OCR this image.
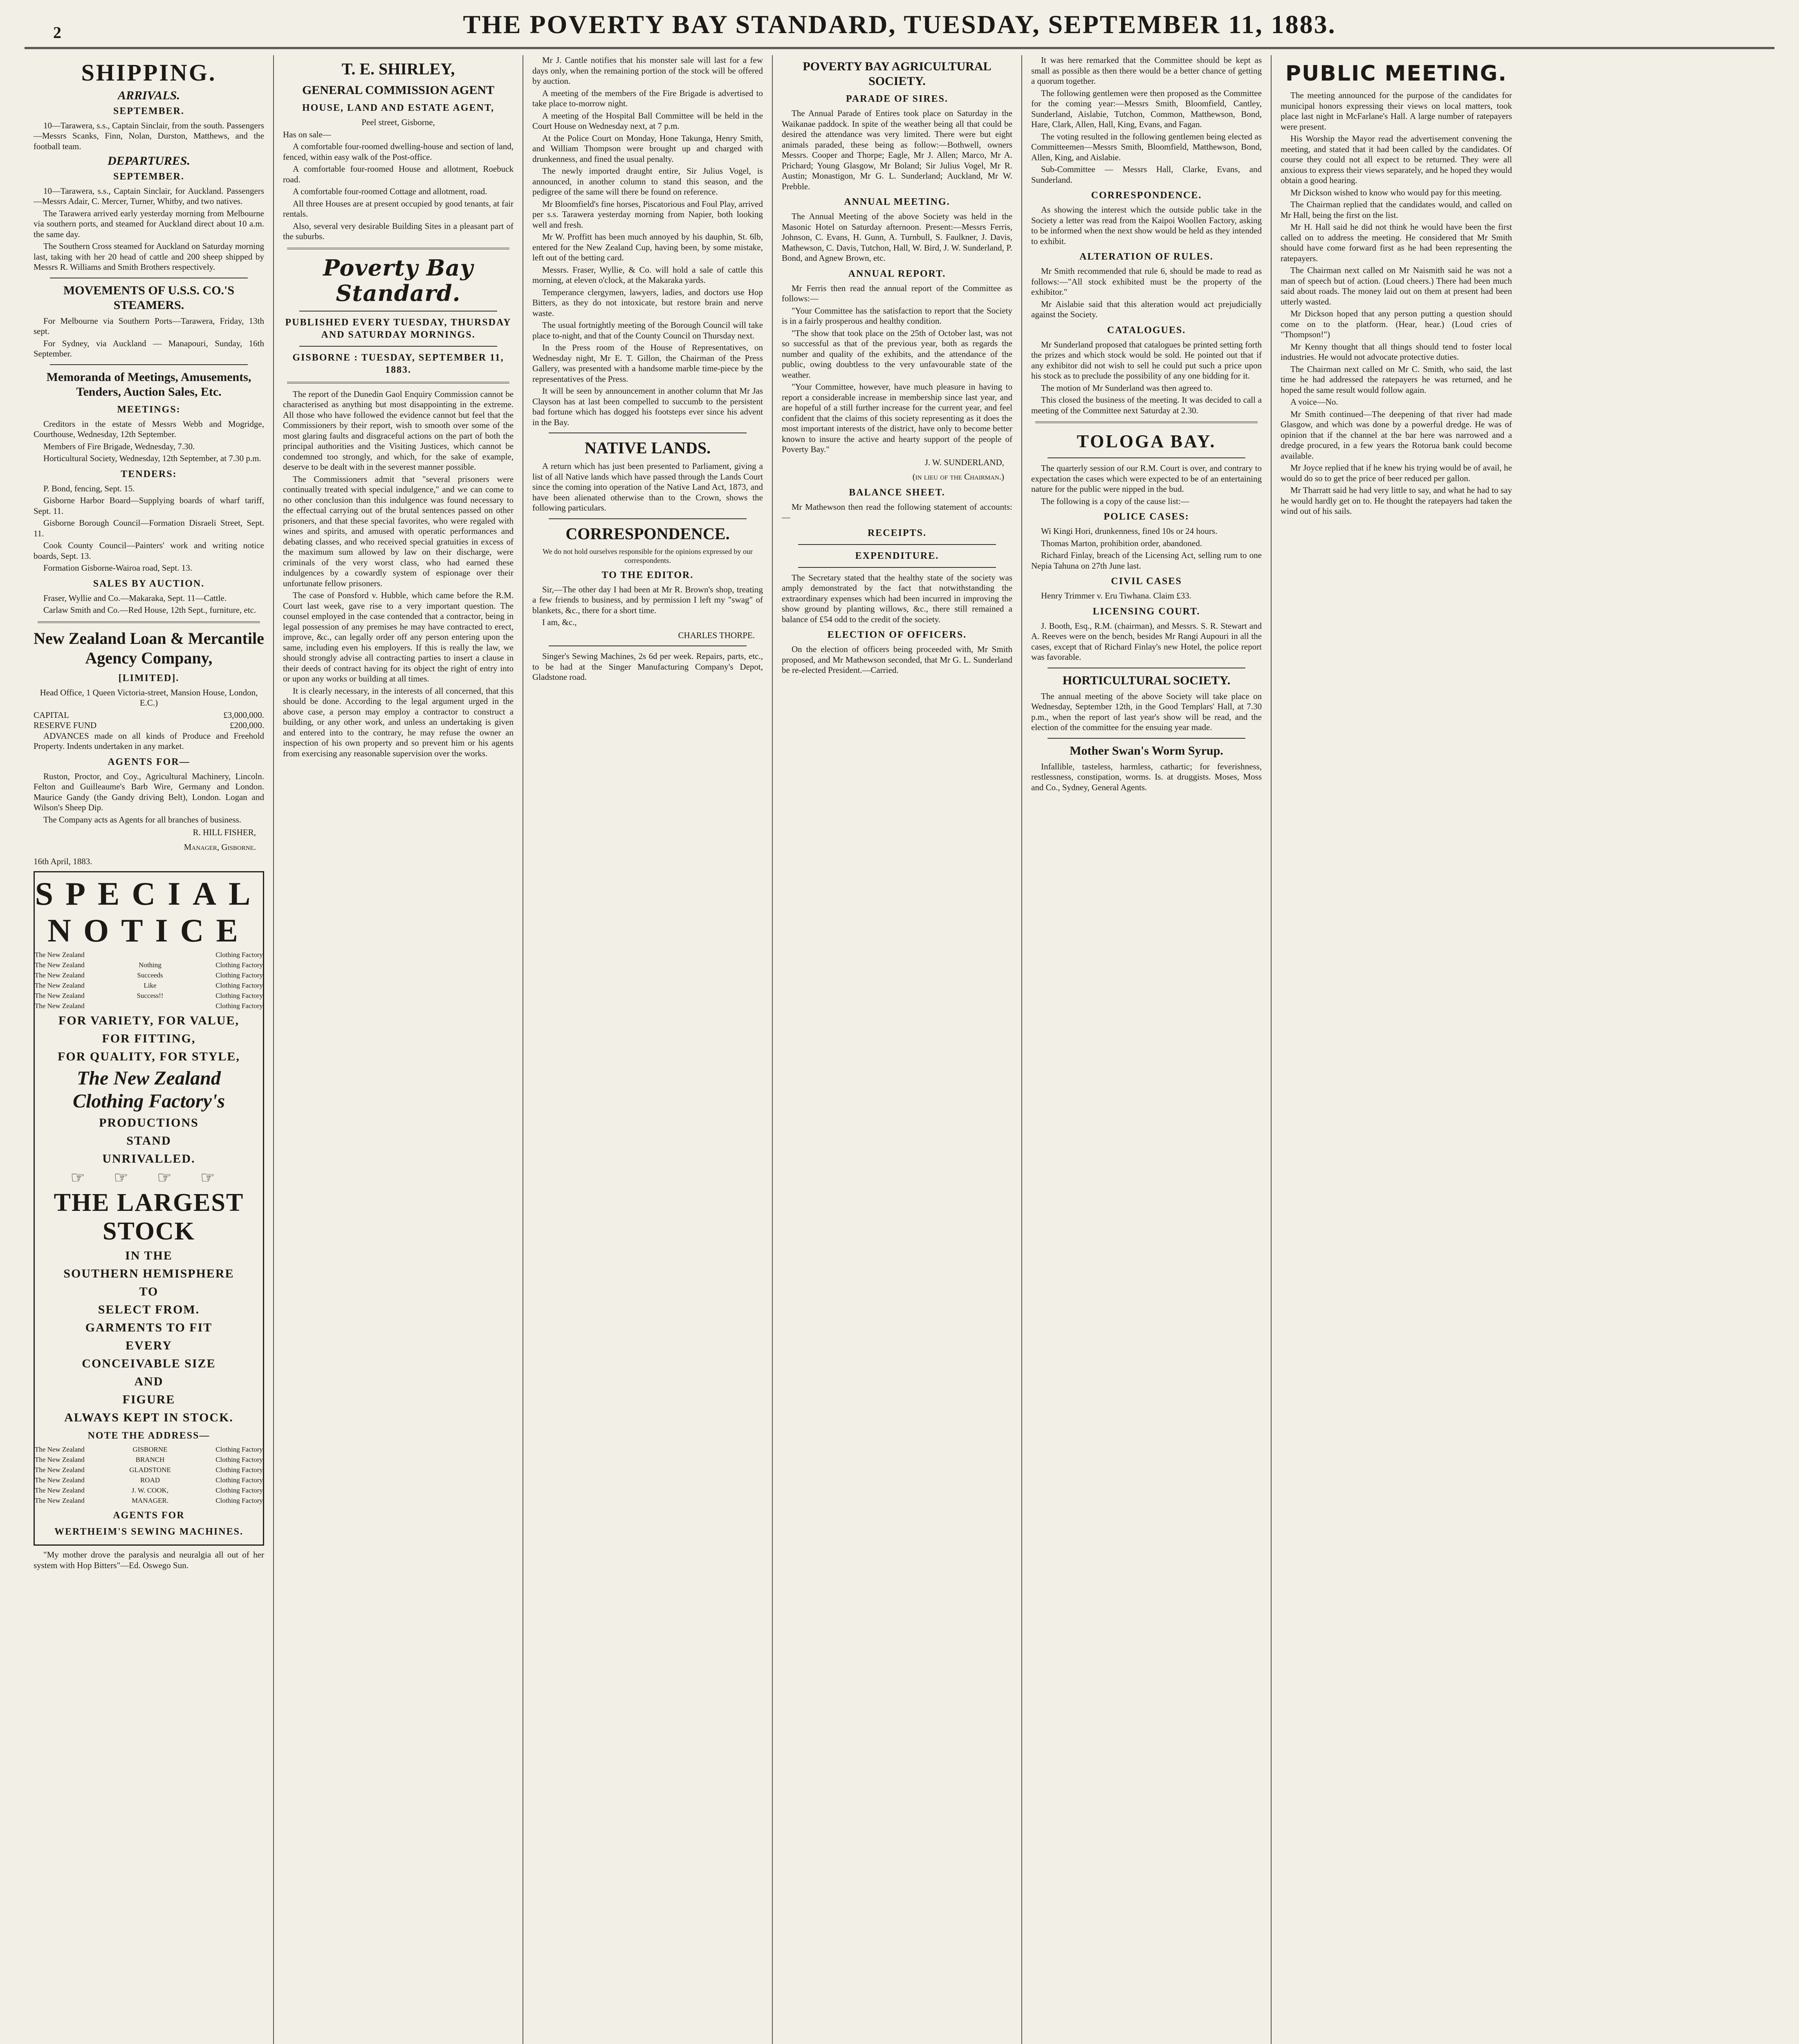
2	THE POVERTY BAY STANDARD, TUESDAY, SEPTEMBER 11, 1883.
SHIPPING.
ARRIVALS.
SEPTEMBER.

10—Tarawera, s.s., Captain Sinclair, from the south. Passengers—Messrs Scanks, Finn, Nolan, Durston, Matthews, and the football team.

DEPARTURES.
SEPTEMBER.

10—Tarawera, s.s., Captain Sinclair, for Auckland. Passengers—Messrs Adair, C. Mercer, Turner, Whitby, and two natives.

The Tarawera arrived early yesterday morning from Melbourne via southern ports, and steamed for Auckland direct about 10 a.m. the same day.

The Southern Cross steamed for Auckland on Saturday morning last, taking with her 20 head of cattle and 200 sheep shipped by Messrs R. Williams and Smith Brothers respectively.

MOVEMENTS OF U.S.S. CO.'S STEAMERS.

For Melbourne via Southern Ports—Tarawera, Friday, 13th sept.

For Sydney, via Auckland — Manapouri, Sunday, 16th September.

Memoranda of Meetings, Amusements, Tenders, Auction Sales, Etc.
MEETINGS:

Creditors in the estate of Messrs Webb and Mogridge, Courthouse, Wednesday, 12th September.

Members of Fire Brigade, Wednesday, 7.30.

Horticultural Society, Wednesday, 12th September, at 7.30 p.m.

TENDERS:

P. Bond, fencing, Sept. 15.

Gisborne Harbor Board—Supplying boards of wharf tariff, Sept. 11.

Gisborne Borough Council—Formation Disraeli Street, Sept. 11.

Cook County Council—Painters' work and writing notice boards, Sept. 13.

Formation Gisborne-Wairoa road, Sept. 13.

SALES BY AUCTION.

Fraser, Wyllie and Co.—Makaraka, Sept. 11—Cattle.

Carlaw Smith and Co.—Red House, 12th Sept., furniture, etc.

New Zealand Loan & Mercantile Agency Company,
[LIMITED].

Head Office, 1 Queen Victoria-street, Mansion House, London, E.C.)

CAPITAL	£3,000,000.
RESERVE FUND	£200,000.

ADVANCES made on all kinds of Produce and Freehold Property. Indents undertaken in any market.

AGENTS FOR—

Ruston, Proctor, and Coy., Agricultural Machinery, Lincoln. Felton and Guilleaume's Barb Wire, Germany and London. Maurice Gandy (the Gandy driving Belt), London. Logan and Wilson's Sheep Dip.

The Company acts as Agents for all branches of business.

R. HILL FISHER,
Manager, Gisborne.

16th April, 1883.

SPECIAL NOTICE
The New Zealand	Clothing Factory
The New Zealand	Nothing	Clothing Factory
The New Zealand	Succeeds	Clothing Factory
The New Zealand	Like	Clothing Factory
The New Zealand	Success!!	Clothing Factory
The New Zealand	Clothing Factory
FOR VARIETY, FOR VALUE,
FOR FITTING,
FOR QUALITY, FOR STYLE,
The New Zealand
Clothing Factory's
PRODUCTIONS
STAND
UNRIVALLED.
☞ ☞ ☞ ☞
THE LARGEST STOCK
IN THE
SOUTHERN HEMISPHERE
TO
SELECT FROM.
GARMENTS TO FIT
EVERY
CONCEIVABLE SIZE
AND
FIGURE
ALWAYS KEPT IN STOCK.
NOTE THE ADDRESS—
The New Zealand	GISBORNE	Clothing Factory
The New Zealand	BRANCH	Clothing Factory
The New Zealand	GLADSTONE	Clothing Factory
The New Zealand	ROAD	Clothing Factory
The New Zealand	J. W. COOK,	Clothing Factory
The New Zealand	MANAGER.	Clothing Factory
AGENTS FOR
WERTHEIM'S SEWING MACHINES.

"My mother drove the paralysis and neuralgia all out of her system with Hop Bitters"—Ed. Oswego Sun.

T. E. SHIRLEY,
GENERAL COMMISSION AGENT
HOUSE, LAND AND ESTATE AGENT,

Peel street, Gisborne,

Has on sale—

A comfortable four-roomed dwelling-house and section of land, fenced, within easy walk of the Post-office.

A comfortable four-roomed House and allotment, Roebuck road.

A comfortable four-roomed Cottage and allotment, road.

All three Houses are at present occupied by good tenants, at fair rentals.

Also, several very desirable Building Sites in a pleasant part of the suburbs.

Poverty Bay Standard.
PUBLISHED EVERY TUESDAY, THURSDAY AND SATURDAY MORNINGS.
GISBORNE : TUESDAY, SEPTEMBER 11, 1883.

The report of the Dunedin Gaol Enquiry Commission cannot be characterised as anything but most disappointing in the extreme. All those who have followed the evidence cannot but feel that the Commissioners by their report, wish to smooth over some of the most glaring faults and disgraceful actions on the part of both the principal authorities and the Visiting Justices, which cannot be condemned too strongly, and which, for the sake of example, deserve to be dealt with in the severest manner possible.

The Commissioners admit that "several prisoners were continually treated with special indulgence," and we can come to no other conclusion than this indulgence was found necessary to the effectual carrying out of the brutal sentences passed on other prisoners, and that these special favorites, who were regaled with wines and spirits, and amused with operatic performances and debating classes, and who received special gratuities in excess of the maximum sum allowed by law on their discharge, were criminals of the very worst class, who had earned these indulgences by a cowardly system of espionage over their unfortunate fellow prisoners.

The case of Ponsford v. Hubble, which came before the R.M. Court last week, gave rise to a very important question. The counsel employed in the case contended that a contractor, being in legal possession of any premises he may have contracted to erect, improve, &c., can legally order off any person entering upon the same, including even his employers. If this is really the law, we should strongly advise all contracting parties to insert a clause in their deeds of contract having for its object the right of entry into or upon any works or building at all times.

It is clearly necessary, in the interests of all concerned, that this should be done. According to the legal argument urged in the above case, a person may employ a contractor to construct a building, or any other work, and unless an undertaking is given and entered into to the contrary, he may refuse the owner an inspection of his own property and so prevent him or his agents from exercising any reasonable supervision over the works.

Mr J. Cantle notifies that his monster sale will last for a few days only, when the remaining portion of the stock will be offered by auction.

A meeting of the members of the Fire Brigade is advertised to take place to-morrow night.

A meeting of the Hospital Ball Committee will be held in the Court House on Wednesday next, at 7 p.m.

At the Police Court on Monday, Hone Takunga, Henry Smith, and William Thompson were brought up and charged with drunkenness, and fined the usual penalty.

The newly imported draught entire, Sir Julius Vogel, is announced, in another column to stand this season, and the pedigree of the same will there be found on reference.

Mr Bloomfield's fine horses, Piscatorious and Foul Play, arrived per s.s. Tarawera yesterday morning from Napier, both looking well and fresh.

Mr W. Proffitt has been much annoyed by his dauphin, St. 6lb, entered for the New Zealand Cup, having been, by some mistake, left out of the betting card.

Messrs. Fraser, Wyllie, & Co. will hold a sale of cattle this morning, at eleven o'clock, at the Makaraka yards.

Temperance clergymen, lawyers, ladies, and doctors use Hop Bitters, as they do not intoxicate, but restore brain and nerve waste.

The usual fortnightly meeting of the Borough Council will take place to-night, and that of the County Council on Thursday next.

In the Press room of the House of Representatives, on Wednesday night, Mr E. T. Gillon, the Chairman of the Press Gallery, was presented with a handsome marble time-piece by the representatives of the Press.

It will be seen by announcement in another column that Mr Jas Clayson has at last been compelled to succumb to the persistent bad fortune which has dogged his footsteps ever since his advent in the Bay.

NATIVE LANDS.

A return which has just been presented to Parliament, giving a list of all Native lands which have passed through the Lands Court since the coming into operation of the Native Land Act, 1873, and have been alienated otherwise than to the Crown, shows the following particulars.

CORRESPONDENCE.

We do not hold ourselves responsible for the opinions expressed by our correspondents.

TO THE EDITOR.

Sir,—The other day I had been at Mr R. Brown's shop, treating a few friends to business, and by permission I left my "swag" of blankets, &c., there for a short time.

I am, &c.,

CHARLES THORPE.

Singer's Sewing Machines, 2s 6d per week. Repairs, parts, etc., to be had at the Singer Manufacturing Company's Depot, Gladstone road.

POVERTY BAY AGRICULTURAL SOCIETY.
PARADE OF SIRES.

The Annual Parade of Entires took place on Saturday in the Waikanae paddock. In spite of the weather being all that could be desired the attendance was very limited. There were but eight animals paraded, these being as follow:—Bothwell, owners Messrs. Cooper and Thorpe; Eagle, Mr J. Allen; Marco, Mr A. Prichard; Young Glasgow, Mr Boland; Sir Julius Vogel, Mr R. Austin; Monastigon, Mr G. L. Sunderland; Auckland, Mr W. Prebble.

ANNUAL MEETING.

The Annual Meeting of the above Society was held in the Masonic Hotel on Saturday afternoon. Present:—Messrs Ferris, Johnson, C. Evans, H. Gunn, A. Turnbull, S. Faulkner, J. Davis, Mathewson, C. Davis, Tutchon, Hall, W. Bird, J. W. Sunderland, P. Bond, and Agnew Brown, etc.

ANNUAL REPORT.

Mr Ferris then read the annual report of the Committee as follows:—

"Your Committee has the satisfaction to report that the Society is in a fairly prosperous and healthy condition.

"The show that took place on the 25th of October last, was not so successful as that of the previous year, both as regards the number and quality of the exhibits, and the attendance of the public, owing doubtless to the very unfavourable state of the weather.

"Your Committee, however, have much pleasure in having to report a considerable increase in membership since last year, and are hopeful of a still further increase for the current year, and feel confident that the claims of this society representing as it does the most important interests of the district, have only to become better known to insure the active and hearty support of the people of Poverty Bay."

J. W. SUNDERLAND,
(in lieu of the Chairman.)
BALANCE SHEET.

Mr Mathewson then read the following statement of accounts:—

RECEIPTS.
EXPENDITURE.

The Secretary stated that the healthy state of the society was amply demonstrated by the fact that notwithstanding the extraordinary expenses which had been incurred in improving the show ground by planting willows, &c., there still remained a balance of £54 odd to the credit of the society.

ELECTION OF OFFICERS.

On the election of officers being proceeded with, Mr Smith proposed, and Mr Mathewson seconded, that Mr G. L. Sunderland be re-elected President.—Carried.

It was here remarked that the Committee should be kept as small as possible as then there would be a better chance of getting a quorum together.

The following gentlemen were then proposed as the Committee for the coming year:—Messrs Smith, Bloomfield, Cantley, Sunderland, Aislabie, Tutchon, Common, Matthewson, Bond, Hare, Clark, Allen, Hall, King, Evans, and Fagan.

The voting resulted in the following gentlemen being elected as Committeemen—Messrs Smith, Bloomfield, Matthewson, Bond, Allen, King, and Aislabie.

Sub-Committee — Messrs Hall, Clarke, Evans, and Sunderland.

CORRESPONDENCE.

As showing the interest which the outside public take in the Society a letter was read from the Kaipoi Woollen Factory, asking to be informed when the next show would be held as they intended to exhibit.

ALTERATION OF RULES.

Mr Smith recommended that rule 6, should be made to read as follows:—"All stock exhibited must be the property of the exhibitor."

Mr Aislabie said that this alteration would act prejudicially against the Society.

CATALOGUES.

Mr Sunderland proposed that catalogues be printed setting forth the prizes and which stock would be sold. He pointed out that if any exhibitor did not wish to sell he could put such a price upon his stock as to preclude the possibility of any one bidding for it.

The motion of Mr Sunderland was then agreed to.

This closed the business of the meeting. It was decided to call a meeting of the Committee next Saturday at 2.30.

TOLOGA BAY.

The quarterly session of our R.M. Court is over, and contrary to expectation the cases which were expected to be of an entertaining nature for the public were nipped in the bud.

The following is a copy of the cause list:—

POLICE CASES:

Wi Kingi Hori, drunkenness, fined 10s or 24 hours.

Thomas Marton, prohibition order, abandoned.

Richard Finlay, breach of the Licensing Act, selling rum to one Nepia Tahuna on 27th June last.

CIVIL CASES

Henry Trimmer v. Eru Tiwhana. Claim £33.

LICENSING COURT.

J. Booth, Esq., R.M. (chairman), and Messrs. S. R. Stewart and A. Reeves were on the bench, besides Mr Rangi Aupouri in all the cases, except that of Richard Finlay's new Hotel, the police report was favorable.

HORTICULTURAL SOCIETY.

The annual meeting of the above Society will take place on Wednesday, September 12th, in the Good Templars' Hall, at 7.30 p.m., when the report of last year's show will be read, and the election of the committee for the ensuing year made.

Mother Swan's Worm Syrup.

Infallible, tasteless, harmless, cathartic; for feverishness, restlessness, constipation, worms. Is. at druggists. Moses, Moss and Co., Sydney, General Agents.

PUBLIC MEETING.

The meeting announced for the purpose of the candidates for municipal honors expressing their views on local matters, took place last night in McFarlane's Hall. A large number of ratepayers were present.

His Worship the Mayor read the advertisement convening the meeting, and stated that it had been called by the candidates. Of course they could not all expect to be returned. They were all anxious to express their views separately, and he hoped they would obtain a good hearing.

Mr Dickson wished to know who would pay for this meeting.

The Chairman replied that the candidates would, and called on Mr Hall, being the first on the list.

Mr H. Hall said he did not think he would have been the first called on to address the meeting. He considered that Mr Smith should have come forward first as he had been representing the ratepayers.

The Chairman next called on Mr Naismith said he was not a man of speech but of action. (Loud cheers.) There had been much said about roads. The money laid out on them at present had been utterly wasted.

Mr Dickson hoped that any person putting a question should come on to the platform. (Hear, hear.) (Loud cries of "Thompson!")

Mr Kenny thought that all things should tend to foster local industries. He would not advocate protective duties.

The Chairman next called on Mr C. Smith, who said, the last time he had addressed the ratepayers he was returned, and he hoped the same result would follow again.

A voice—No.

Mr Smith continued—The deepening of that river had made Glasgow, and which was done by a powerful dredge. He was of opinion that if the channel at the bar here was narrowed and a dredge procured, in a few years the Rotorua bank could become available.

Mr Joyce replied that if he knew his trying would be of avail, he would do so to get the price of beer reduced per gallon.

Mr Tharratt said he had very little to say, and what he had to say he would hardly get on to. He thought the ratepayers had taken the wind out of his sails.
